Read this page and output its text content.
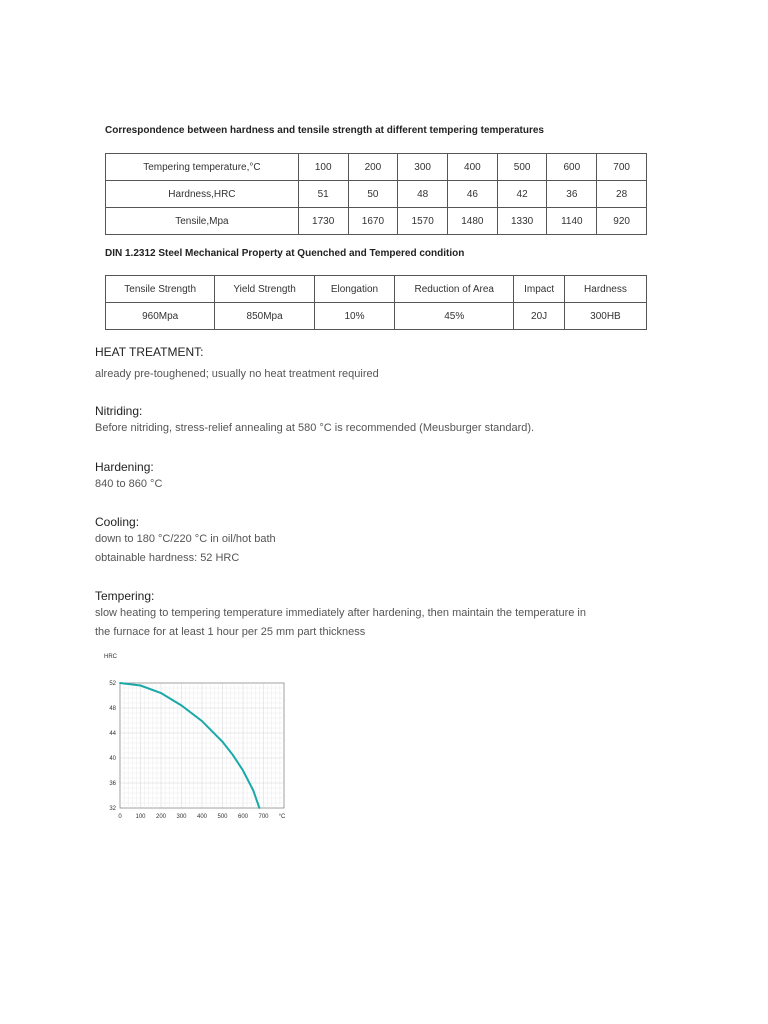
Correspondence between hardness and tensile strength at different tempering temperatures
Tempering temperature,°C	100	200	300	400	500	600	700
Hardness,HRC	51	50	48	46	42	36	28
Tensile,Mpa	1730	1670	1570	1480	1330	1140	920
DIN 1.2312 Steel Mechanical Property at Quenched and Tempered condition
Tensile Strength	Yield Strength	Elongation	Reduction of Area	Impact	Hardness
960Mpa	850Mpa	10%	45%	20J	300HB
HEAT TREATMENT:
already pre-toughened; usually no heat treatment required
Nitriding:
Before nitriding, stress-relief annealing at 580 °C is recommended (Meusburger standard).
Hardening:
840 to 860 °C
Cooling:
down to 180 °C/220 °C in oil/hot bath
obtainable hardness: 52 HRC
Tempering:
slow heating to tempering temperature immediately after hardening, then maintain the temperature in
the furnace for at least 1 hour per 25 mm part thickness
52
48
44
40
36
32
HRC
0 100 200 300 400 500 600 700 °C
